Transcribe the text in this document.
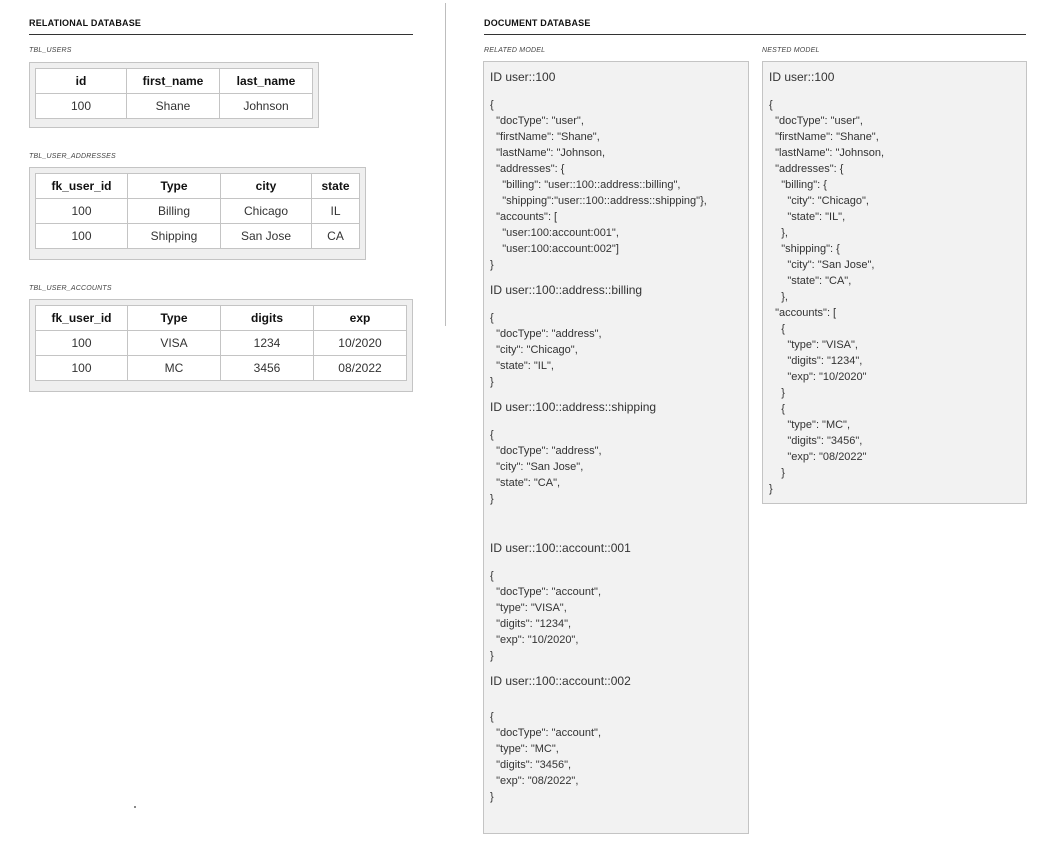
RELATIONAL DATABASE
TBL_USERS
id	first_name	last_name
100	Shane	Johnson
TBL_USER_ADDRESSES
fk_user_id	Type	city	state
100	Billing	Chicago	IL
100	Shipping	San Jose	CA
TBL_USER_ACCOUNTS
fk_user_id	Type	digits	exp
100	VISA	1234	10/2020
100	MC	3456	08/2022
DOCUMENT DATABASE
RELATED MODEL	NESTED MODEL
ID user::100
{
"docType": "user",
"firstName": "Shane",
"lastName": "Johnson,
"addresses": {
"billing": "user::100::address::billing",
"shipping":"user::100::address::shipping"},
"accounts": [
"user:100:account:001",
"user:100:account:002"]
}
ID user::100::address::billing
{
"docType": "address",
"city": "Chicago",
"state": "IL",
}
ID user::100::address::shipping
{
"docType": "address",
"city": "San Jose",
"state": "CA",
}
ID user::100::account::001
{
"docType": "account",
"type": "VISA",
"digits": "1234",
"exp": "10/2020",
}
ID user::100::account::002
{
"docType": "account",
"type": "MC",
"digits": "3456",
"exp": "08/2022",
}
ID user::100
{
"docType": "user",
"firstName": "Shane",
"lastName": "Johnson,
"addresses": {
"billing": {
"city": "Chicago",
"state": "IL",
},
"shipping": {
"city": "San Jose",
"state": "CA",
},
"accounts": [
{
"type": "VISA",
"digits": "1234",
"exp": "10/2020"
}
{
"type": "MC",
"digits": "3456",
"exp": "08/2022"
}
}
